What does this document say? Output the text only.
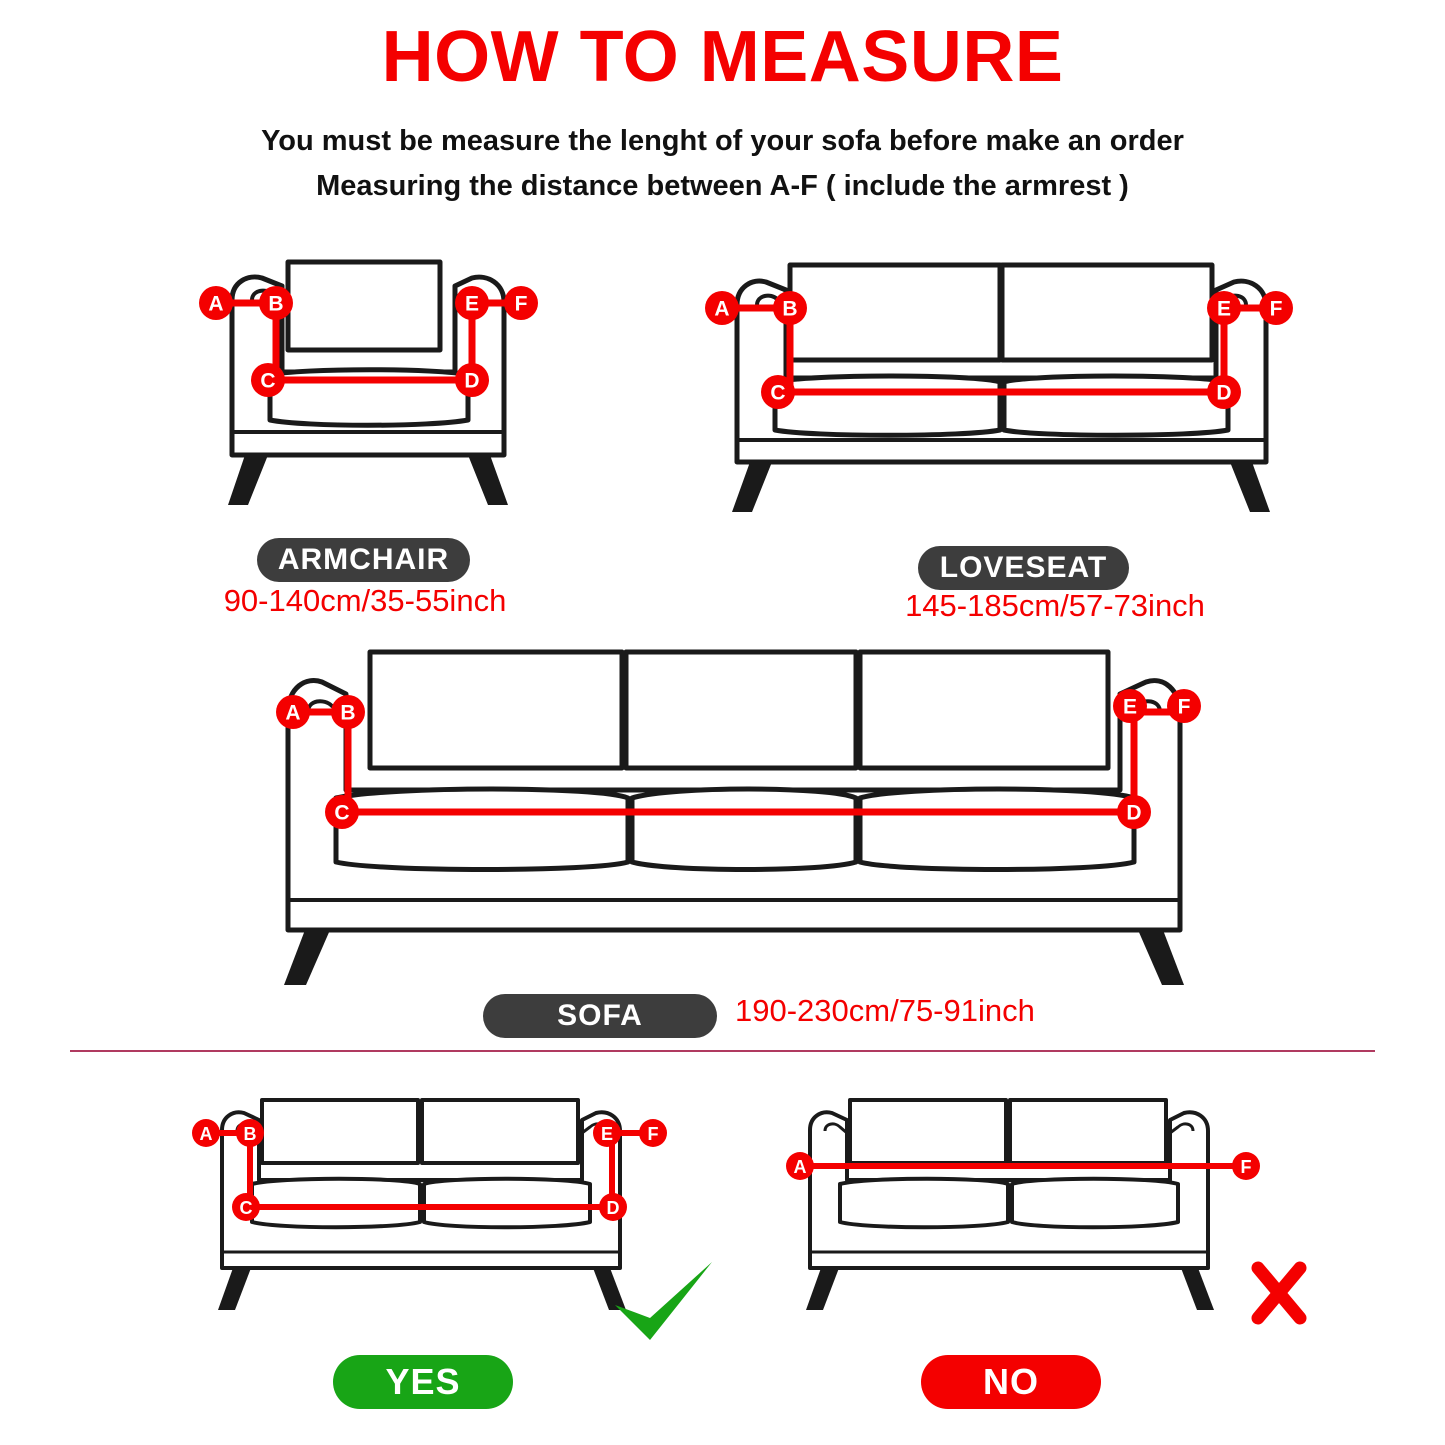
HOW TO MEASURE
You must be measure the lenght of your sofa before make an order
Measuring the distance between A-F ( include the armrest )
A B
C	D
E F	A	B
C	D
E F
A B
C	D
E F
A B
C	D
E F
A	F
ARMCHAIR
90-140cm/35-55inch
LOVESEAT
145-185cm/57-73inch
SOFA	190-230cm/75-91inch
YES	NO
